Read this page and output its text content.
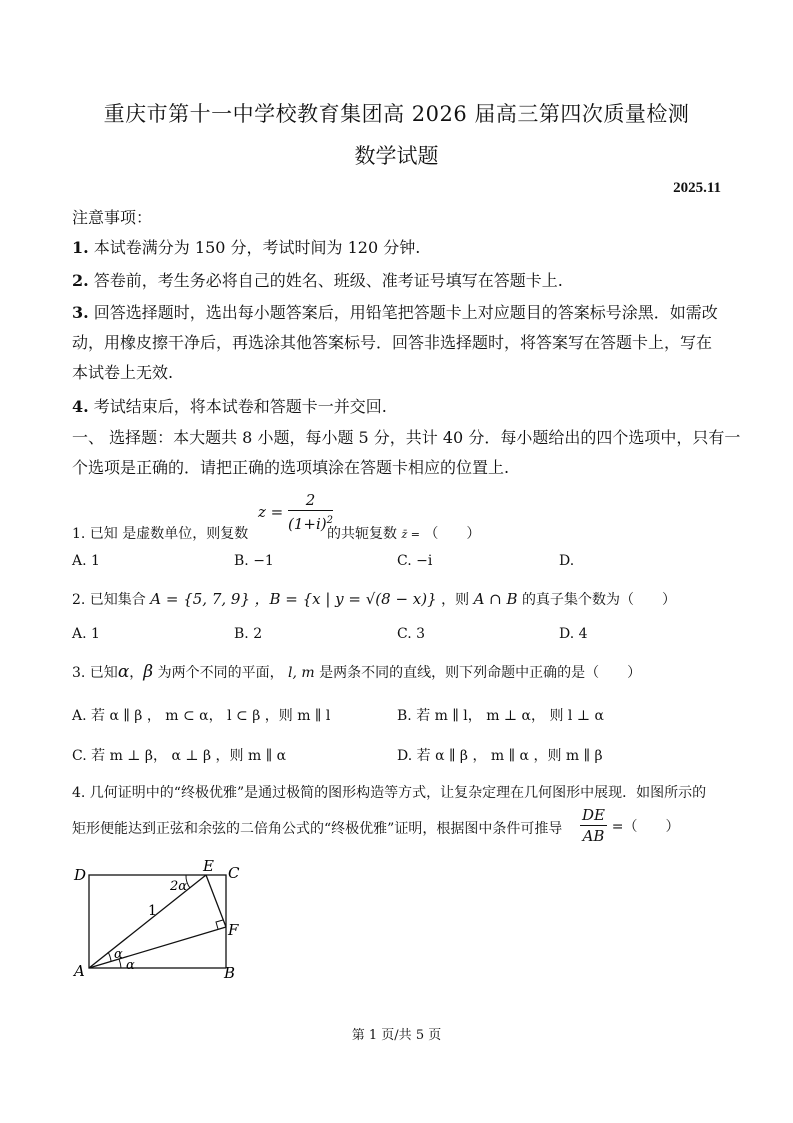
重庆市第十一中学校教育集团高 2026 届高三第四次质量检测
数学试题
2025.11
注意事项：
1. 本试卷满分为 150 分，考试时间为 120 分钟.
2. 答卷前，考生务必将自己的姓名、班级、准考证号填写在答题卡上.
3. 回答选择题时，选出每小题答案后，用铅笔把答题卡上对应题目的答案标号涂黑．如需改
动，用橡皮擦干净后，再选涂其他答案标号．回答非选择题时，将答案写在答题卡上，写在
本试卷上无效.
4. 考试结束后，将本试卷和答题卡一并交回.
一、 选择题：本大题共 8 小题，每小题 5 分，共计 40 分．每小题给出的四个选项中，只有一
个选项是正确的．请把正确的选项填涂在答题卡相应的位置上.
1. 已知 是虚数单位，则复数
$z = \frac{2}{(1+i)^2}$
的共轭复数 z̄ = （　　）
A. 1	B. −1	C. −i	D.
2. 已知集合 A = {5, 7, 9} ，B = {x | y = √(8 − x)} ，则 A ∩ B 的真子集个数为（　　）
A. 1	B. 2	C. 3	D. 4
3. 已知α，β 为两个不同的平面， l, m 是两条不同的直线，则下列命题中正确的是（　　）
A. 若 α ∥ β ， m ⊂ α， l ⊂ β ，则 m ∥ l	B. 若 m ∥ l， m ⊥ α， 则 l ⊥ α
C. 若 m ⊥ β， α ⊥ β ，则 m ∥ α	D. 若 α ∥ β ， m ∥ α ，则 m ∥ β
4. 几何证明中的“终极优雅”是通过极简的图形构造等方式，让复杂定理在几何图形中展现．如图所示的
矩形便能达到正弦和余弦的二倍角公式的“终极优雅”证明，根据图中条件可推导 $\frac{DE}{AB}$ =（　　）
D	E C
F
A	B
1
2α
α
α
第 1 页/共 5 页
